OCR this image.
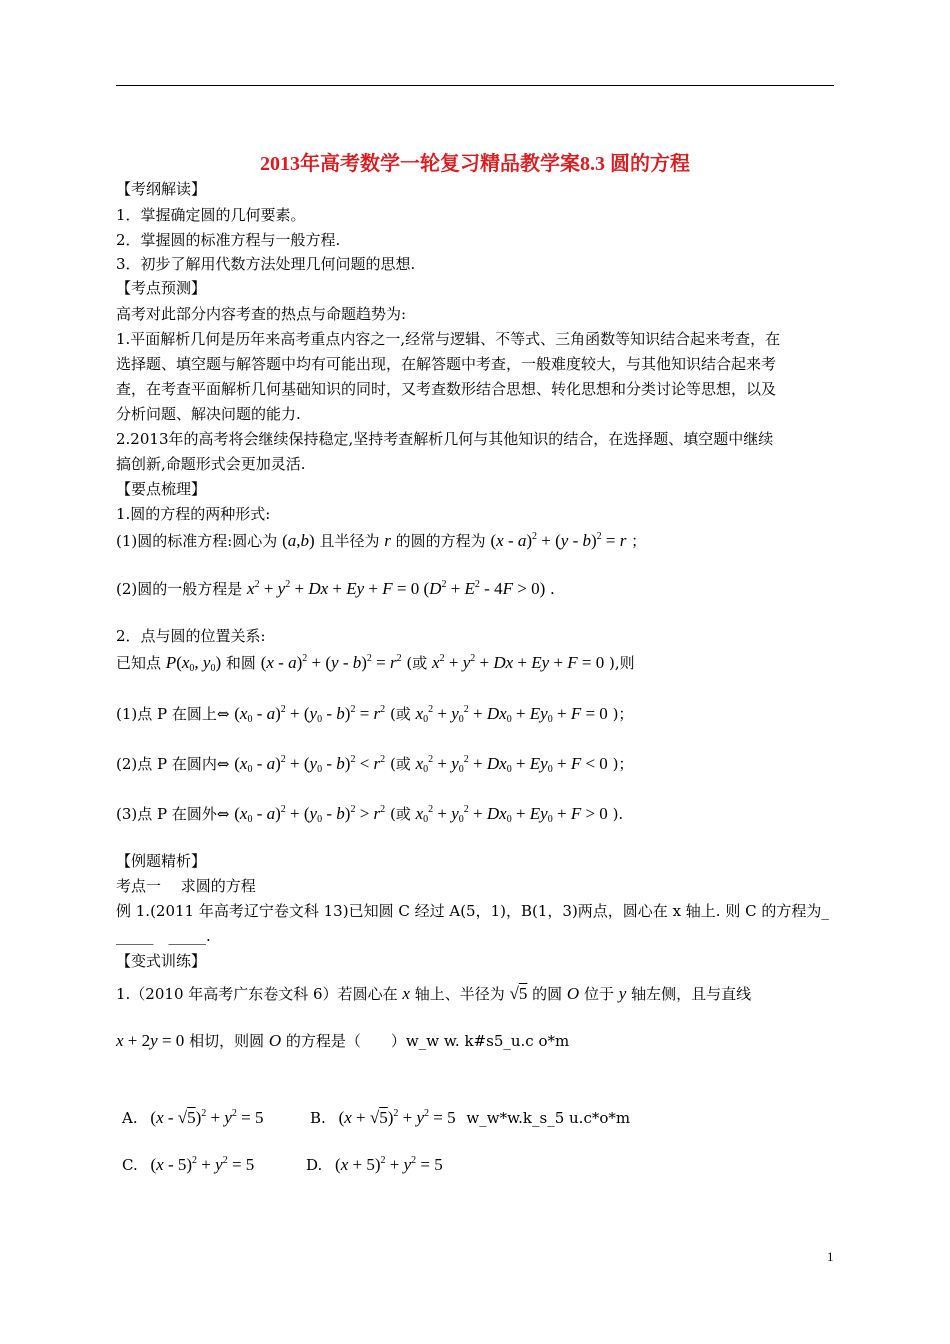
2013年高考数学一轮复习精品教学案8.3 圆的方程
【考纲解读】
1．掌握确定圆的几何要素。
2．掌握圆的标准方程与一般方程.
3．初步了解用代数方法处理几何问题的思想.
【考点预测】
高考对此部分内容考查的热点与命题趋势为:
1.平面解析几何是历年来高考重点内容之一,经常与逻辑、不等式、三角函数等知识结合起来考查，在
选择题、填空题与解答题中均有可能出现，在解答题中考查，一般难度较大，与其他知识结合起来考
查，在考查平面解析几何基础知识的同时，又考查数形结合思想、转化思想和分类讨论等思想，以及
分析问题、解决问题的能力.
2.2013年的高考将会继续保持稳定,坚持考查解析几何与其他知识的结合，在选择题、填空题中继续
搞创新,命题形式会更加灵活.
【要点梳理】
1.圆的方程的两种形式:
(1)圆的标准方程:圆心为 (a,b) 且半径为 r 的圆的方程为 (x - a)$^2$ + (y - b)$^2$ = r ；
(2)圆的一般方程是 $x^2 + y^2 + Dx + Ey + F = 0$ $(D^2 + E^2 - 4F > 0)$ .
2．点与圆的位置关系:
已知点 $P(x_0$, $y_0$) 和圆 $(x - a)^2 + (y - b)^2 = r^2$ (或 $x^2 + y^2 + Dx + Ey + F = 0$ ),则
(1)点 P 在圆上⇔ $(x_0 - a)^2 + (y_0 - b)^2 = r^2$ (或 $x_0^2 + y_0^2 + Dx_0 + Ey_0 + F = 0$ )；
(2)点 P 在圆内⇔ $(x_0 - a)^2 + (y_0 - b)^2 < r^2$ (或 $x_0^2 + y_0^2 + Dx_0 + Ey_0 + F < 0$ )；
(3)点 P 在圆外⇔ $(x_0 - a)^2 + (y_0 - b)^2 > r^2$ (或 $x_0^2 + y_0^2 + Dx_0 + Ey_0 + F > 0$ ).
【例题精析】
考点一　 求圆的方程
例 1.(2011 年高考辽宁卷文科 13)已知圆 C 经过 A(5，1)，B(1，3)两点，圆心在 x 轴上. 则 C 的方程为_
_____　_____.
【变式训练】
1.（2010 年高考广东卷文科 6）若圆心在 x 轴上、半径为 √5 的圆 O 位于 y 轴左侧，且与直线
x + 2y = 0 相切，则圆 O 的方程是（　　）w_w w. k#s5_u.c o*m
A. $(x - √5)^2 + y^2 = 5$	B. $(x + √5)^2 + y^2 = 5$ w_w*w.k_s_5 u.c*o*m
C. $(x - 5)^2 + y^2 = 5$	D. $(x + 5)^2 + y^2 = 5$
1
